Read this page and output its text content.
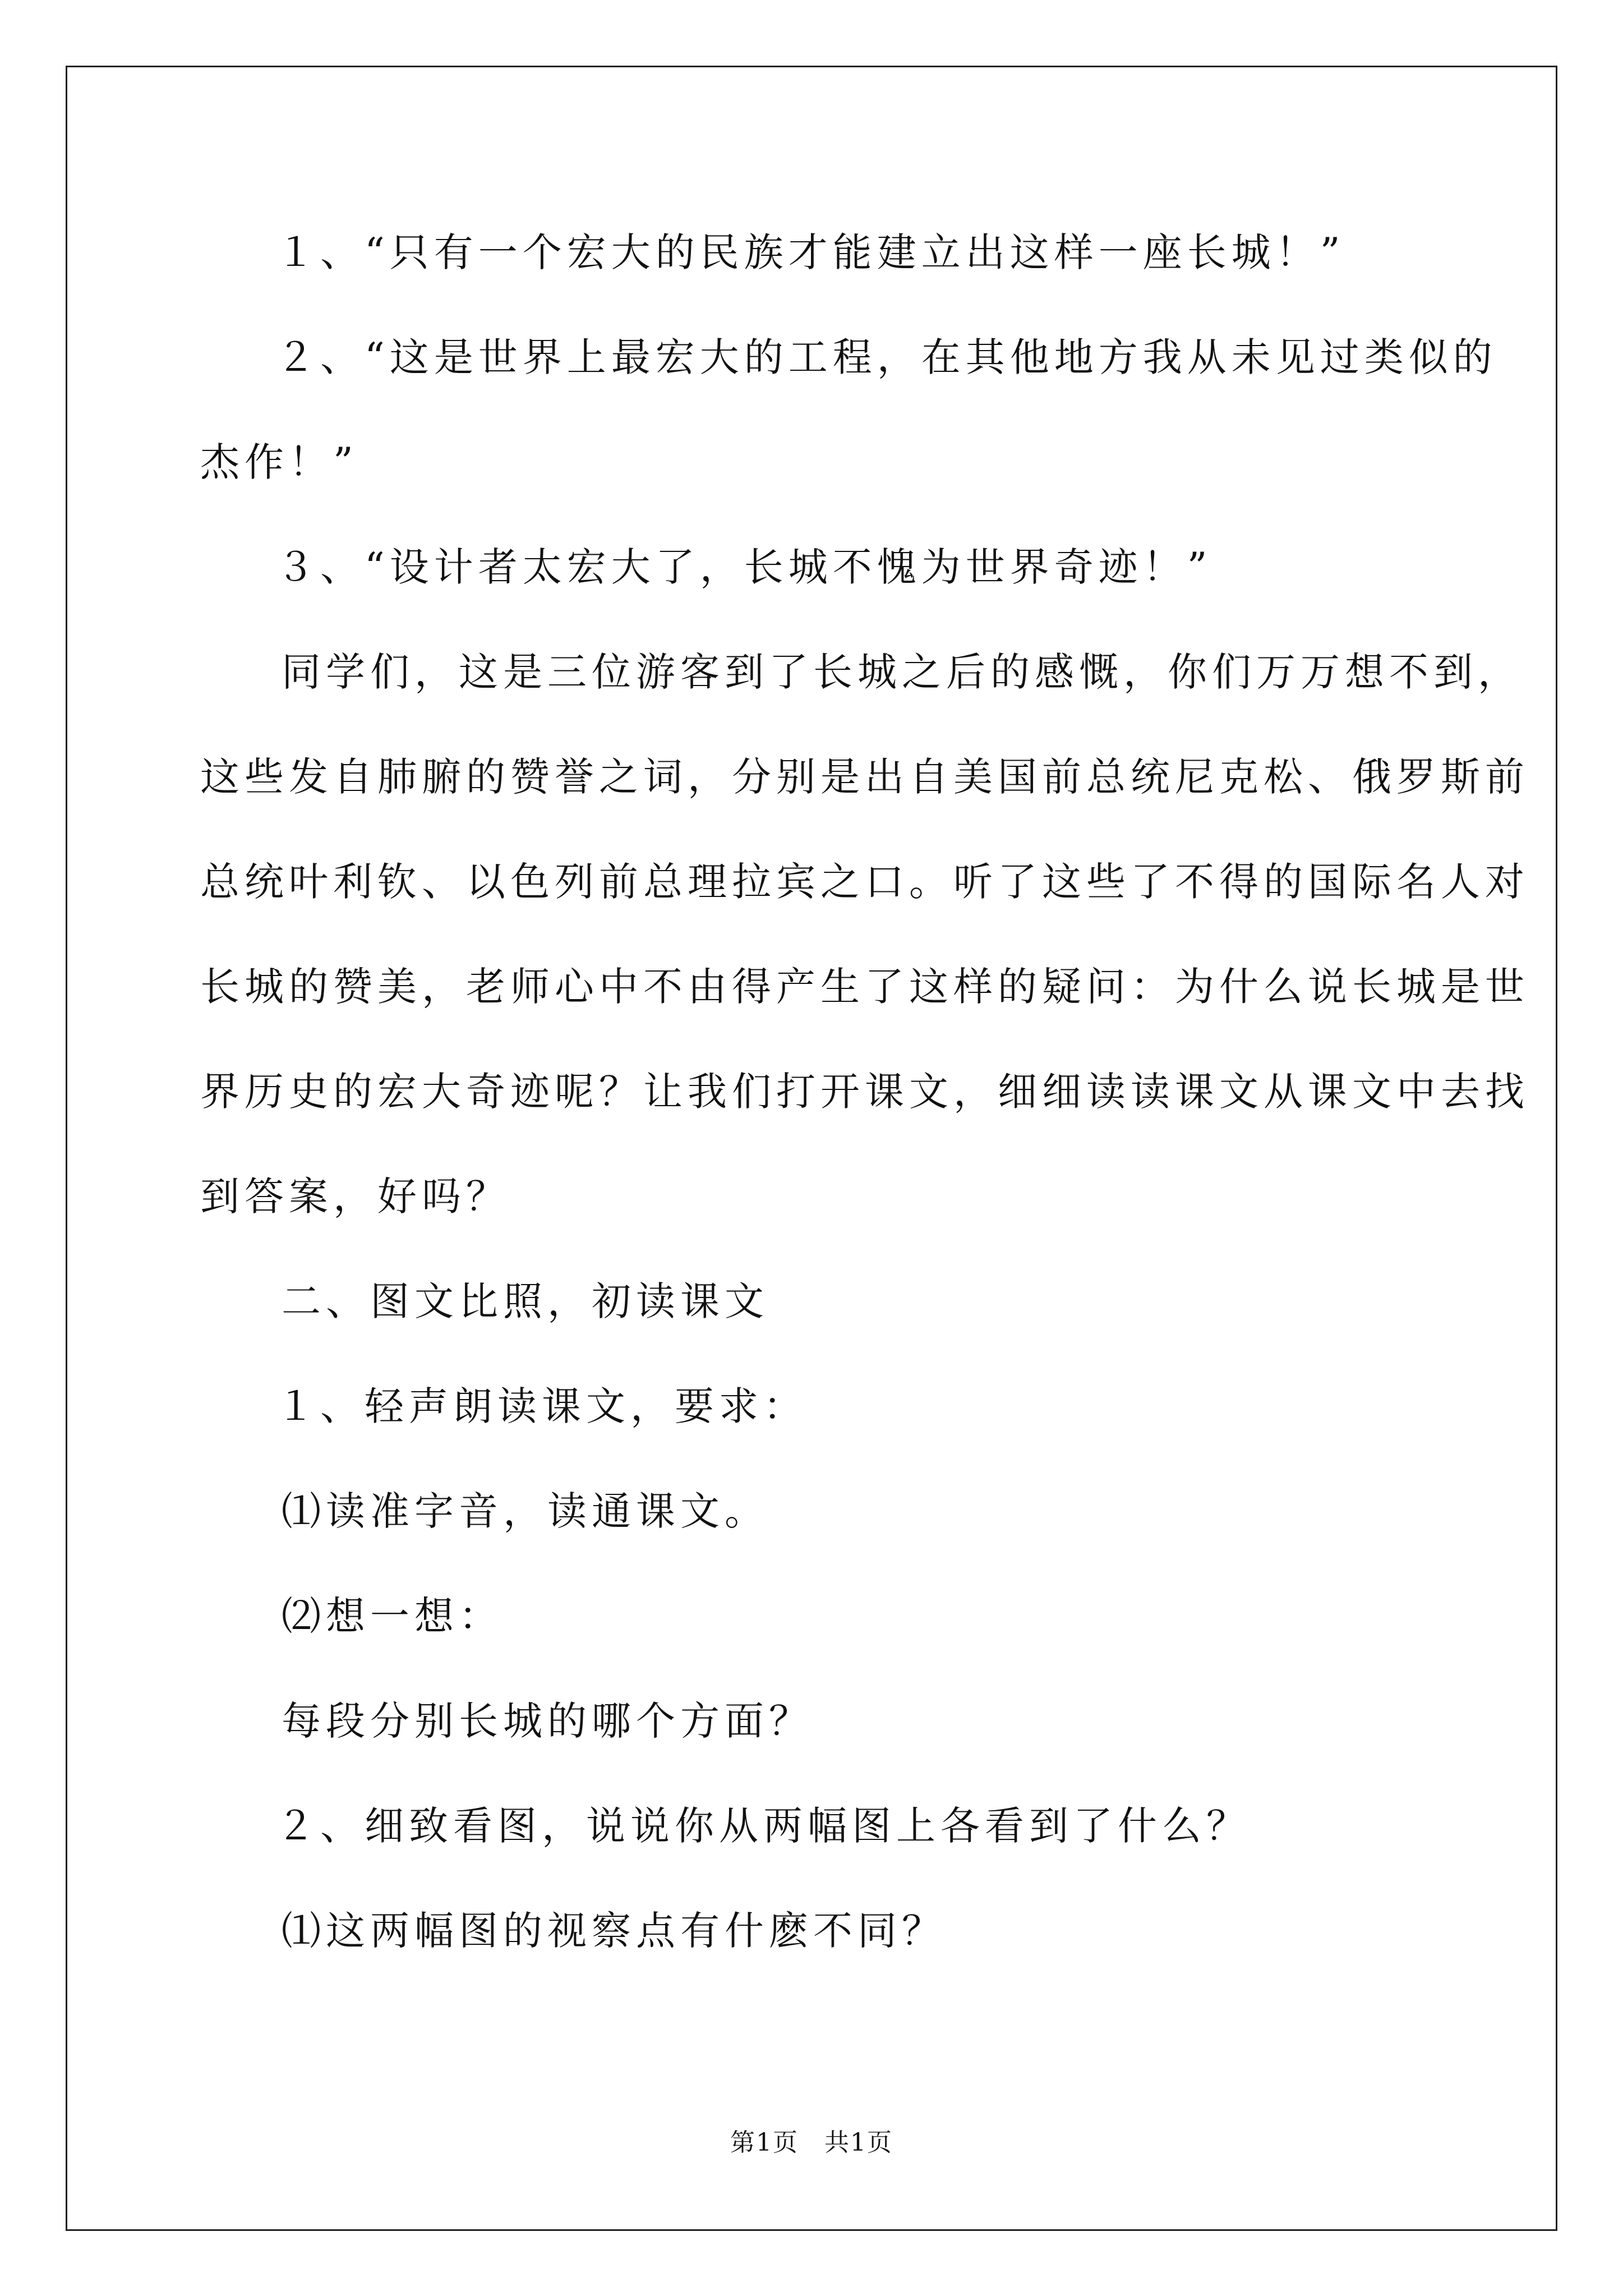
１、“只有一个宏大的民族才能建立出这样一座长城！”
２、“这是世界上最宏大的工程，在其他地方我从未见过类似的
杰作！”
３、“设计者太宏大了，长城不愧为世界奇迹！”
同学们，这是三位游客到了长城之后的感慨，你们万万想不到，
这些发自肺腑的赞誉之词，分别是出自美国前总统尼克松、俄罗斯前
总统叶利钦、以色列前总理拉宾之口。听了这些了不得的国际名人对
长城的赞美，老师心中不由得产生了这样的疑问：为什么说长城是世
界历史的宏大奇迹呢？让我们打开课文，细细读读课文从课文中去找
到答案，好吗？
二、图文比照，初读课文
１、轻声朗读课文，要求：
⑴读准字音，读通课文。
⑵想一想：
每段分别长城的哪个方面？
２、细致看图，说说你从两幅图上各看到了什么？
⑴这两幅图的视察点有什麽不同？
第1页　共1页
